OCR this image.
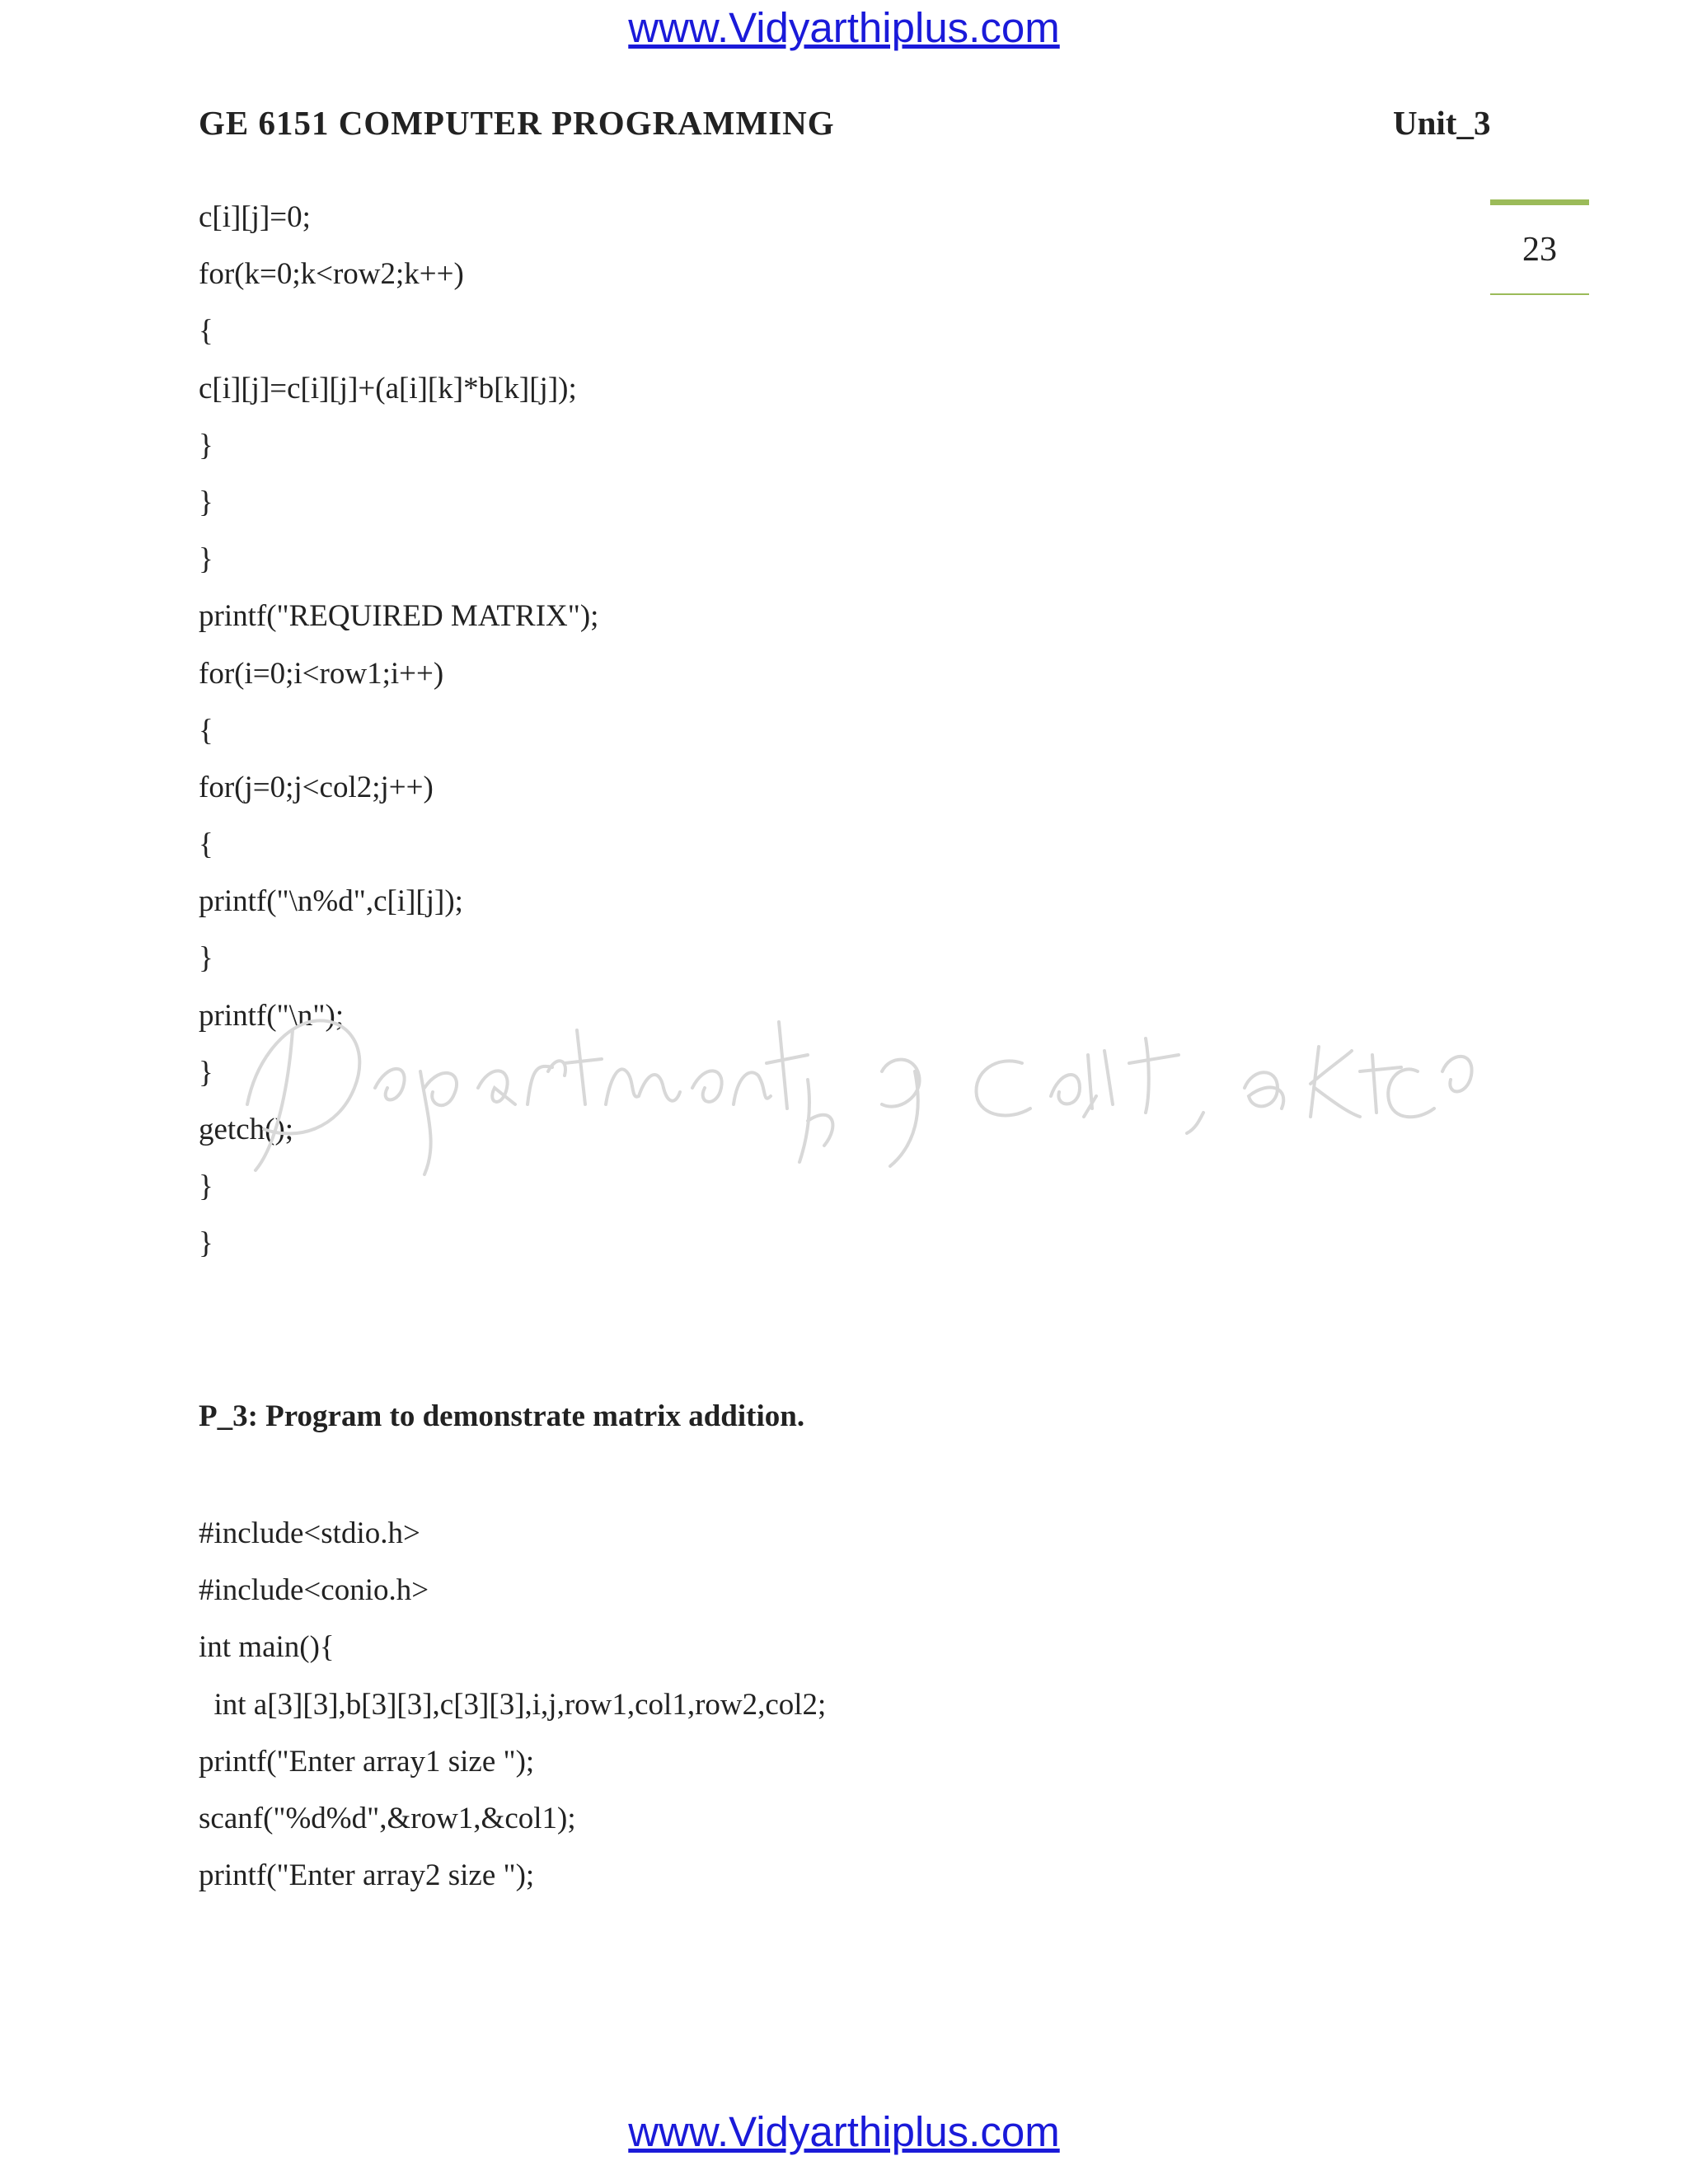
www.Vidyarthiplus.com
GE 6151 COMPUTER PROGRAMMING	Unit_3
23
c[i][j]=0;
for(k=0;k<row2;k++)
{
c[i][j]=c[i][j]+(a[i][k]*b[k][j]);
}
}
}
printf("REQUIRED MATRIX");
for(i=0;i<row1;i++)
{
for(j=0;j<col2;j++)
{
printf("\n%d",c[i][j]);
}
printf("\n");
}
getch();
}
}
P_3: Program to demonstrate matrix addition.
#include<stdio.h>
#include<conio.h>
int main(){
int a[3][3],b[3][3],c[3][3],i,j,row1,col1,row2,col2;
printf("Enter array1 size ");
scanf("%d%d",&row1,&col1);
printf("Enter array2 size ");
www.Vidyarthiplus.com
